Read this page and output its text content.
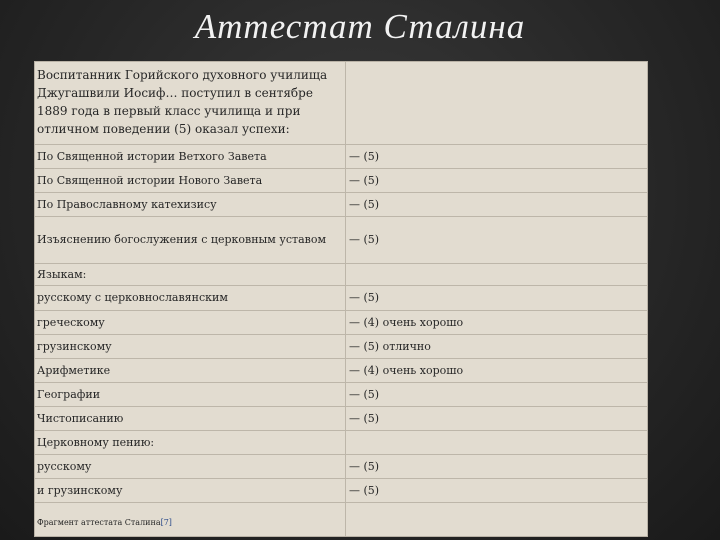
Аттестат Сталина
Воспитанник Горийского духовного училища Джугашвили Иосиф… поступил в сентябре 1889 года в первый класс училища и при отличном поведении (5) оказал успехи:	
По Священной истории Ветхого Завета	— (5)
По Священной истории Нового Завета	— (5)
По Православному катехизису	— (5)
Изъяснению богослужения с церковным уставом	— (5)
Языкам:	
русскому с церковнославянским	— (5)
греческому	— (4) очень хорошо
грузинскому	— (5) отлично
Арифметике	— (4) очень хорошо
Географии	— (5)
Чистописанию	— (5)
Церковному пению:	
русскому	— (5)
и грузинскому	— (5)
Фрагмент аттестата Сталина[7]	
